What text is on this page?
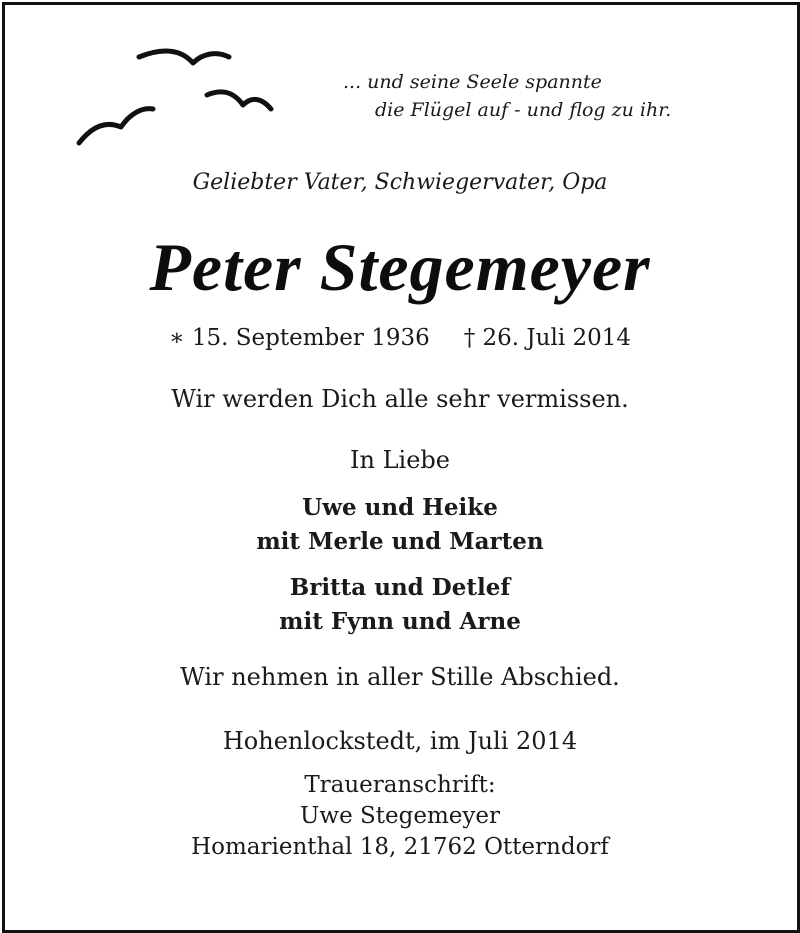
... und seine Seele spannte
die Flügel auf - und flog zu ihr.
Geliebter Vater, Schwiegervater, Opa
Peter Stegemeyer
∗ 15. September 1936 † 26. Juli 2014
Wir werden Dich alle sehr vermissen.
In Liebe
Uwe und Heike
mit Merle und Marten
Britta und Detlef
mit Fynn und Arne
Wir nehmen in aller Stille Abschied.
Hohenlockstedt, im Juli 2014
Traueranschrift:
Uwe Stegemeyer
Homarienthal 18, 21762 Otterndorf
